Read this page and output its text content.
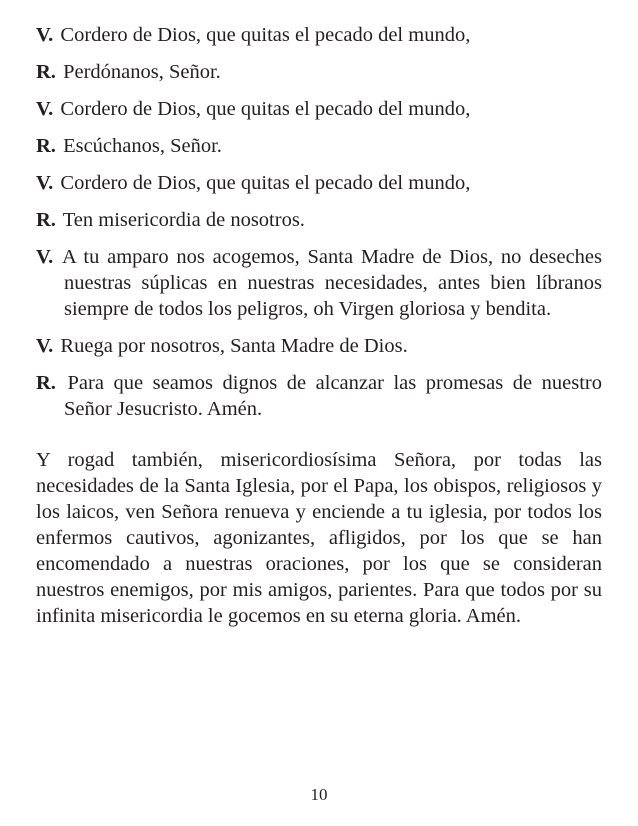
V. Cordero de Dios, que quitas el pecado del mundo,

R. Perdónanos, Señor.

V. Cordero de Dios, que quitas el pecado del mundo,

R. Escúchanos, Señor.

V. Cordero de Dios, que quitas el pecado del mundo,

R. Ten misericordia de nosotros.

V. A tu amparo nos acogemos, Santa Madre de Dios, no deseches nuestras súplicas en nuestras necesidades, antes bien líbranos siempre de todos los peligros, oh Virgen gloriosa y bendita.

V. Ruega por nosotros, Santa Madre de Dios.

R. Para que seamos dignos de alcanzar las promesas de nuestro Señor Jesucristo. Amén.

Y rogad también, misericordiosísima Señora, por todas las necesidades de la Santa Iglesia, por el Papa, los obispos, religiosos y los laicos, ven Señora renueva y enciende a tu iglesia, por todos los enfermos cautivos, agonizantes, afligidos, por los que se han encomendado a nuestras oraciones, por los que se consideran nuestros enemigos, por mis amigos, parientes. Para que todos por su infinita misericordia le gocemos en su eterna gloria. Amén.

10
